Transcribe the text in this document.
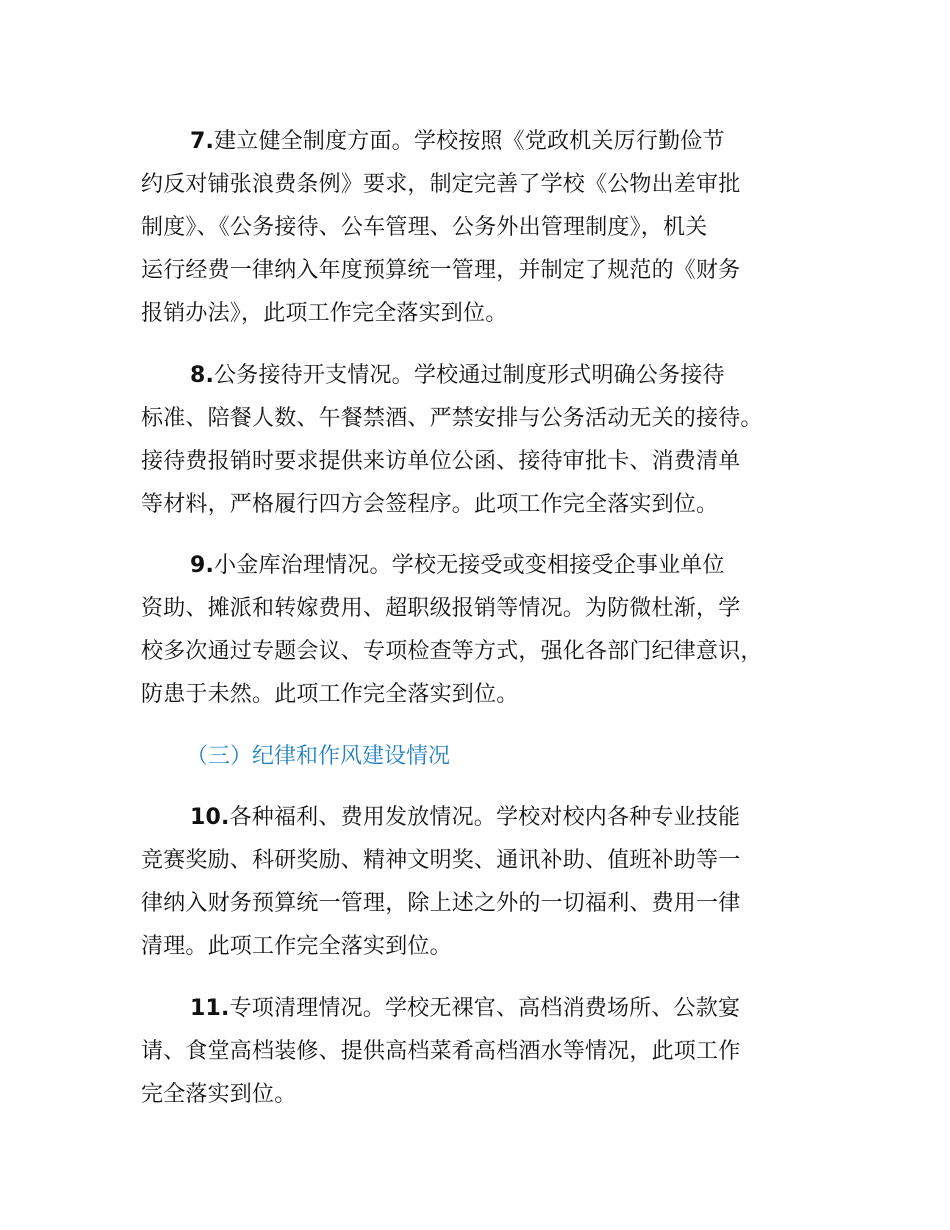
7.建立健全制度方面。学校按照《党政机关厉行勤俭节
约反对铺张浪费条例》要求，制定完善了学校《公物出差审批
制度》、《公务接待、公车管理、公务外出管理制度》，机关
运行经费一律纳入年度预算统一管理，并制定了规范的《财务
报销办法》，此项工作完全落实到位。
8.公务接待开支情况。学校通过制度形式明确公务接待
标准、陪餐人数、午餐禁酒、严禁安排与公务活动无关的接待。
接待费报销时要求提供来访单位公函、接待审批卡、消费清单
等材料，严格履行四方会签程序。此项工作完全落实到位。
9.小金库治理情况。学校无接受或变相接受企事业单位
资助、摊派和转嫁费用、超职级报销等情况。为防微杜渐，学
校多次通过专题会议、专项检查等方式，强化各部门纪律意识，
防患于未然。此项工作完全落实到位。
（三）纪律和作风建设情况
10.各种福利、费用发放情况。学校对校内各种专业技能
竞赛奖励、科研奖励、精神文明奖、通讯补助、值班补助等一
律纳入财务预算统一管理，除上述之外的一切福利、费用一律
清理。此项工作完全落实到位。
11.专项清理情况。学校无裸官、高档消费场所、公款宴
请、食堂高档装修、提供高档菜肴高档酒水等情况，此项工作
完全落实到位。
